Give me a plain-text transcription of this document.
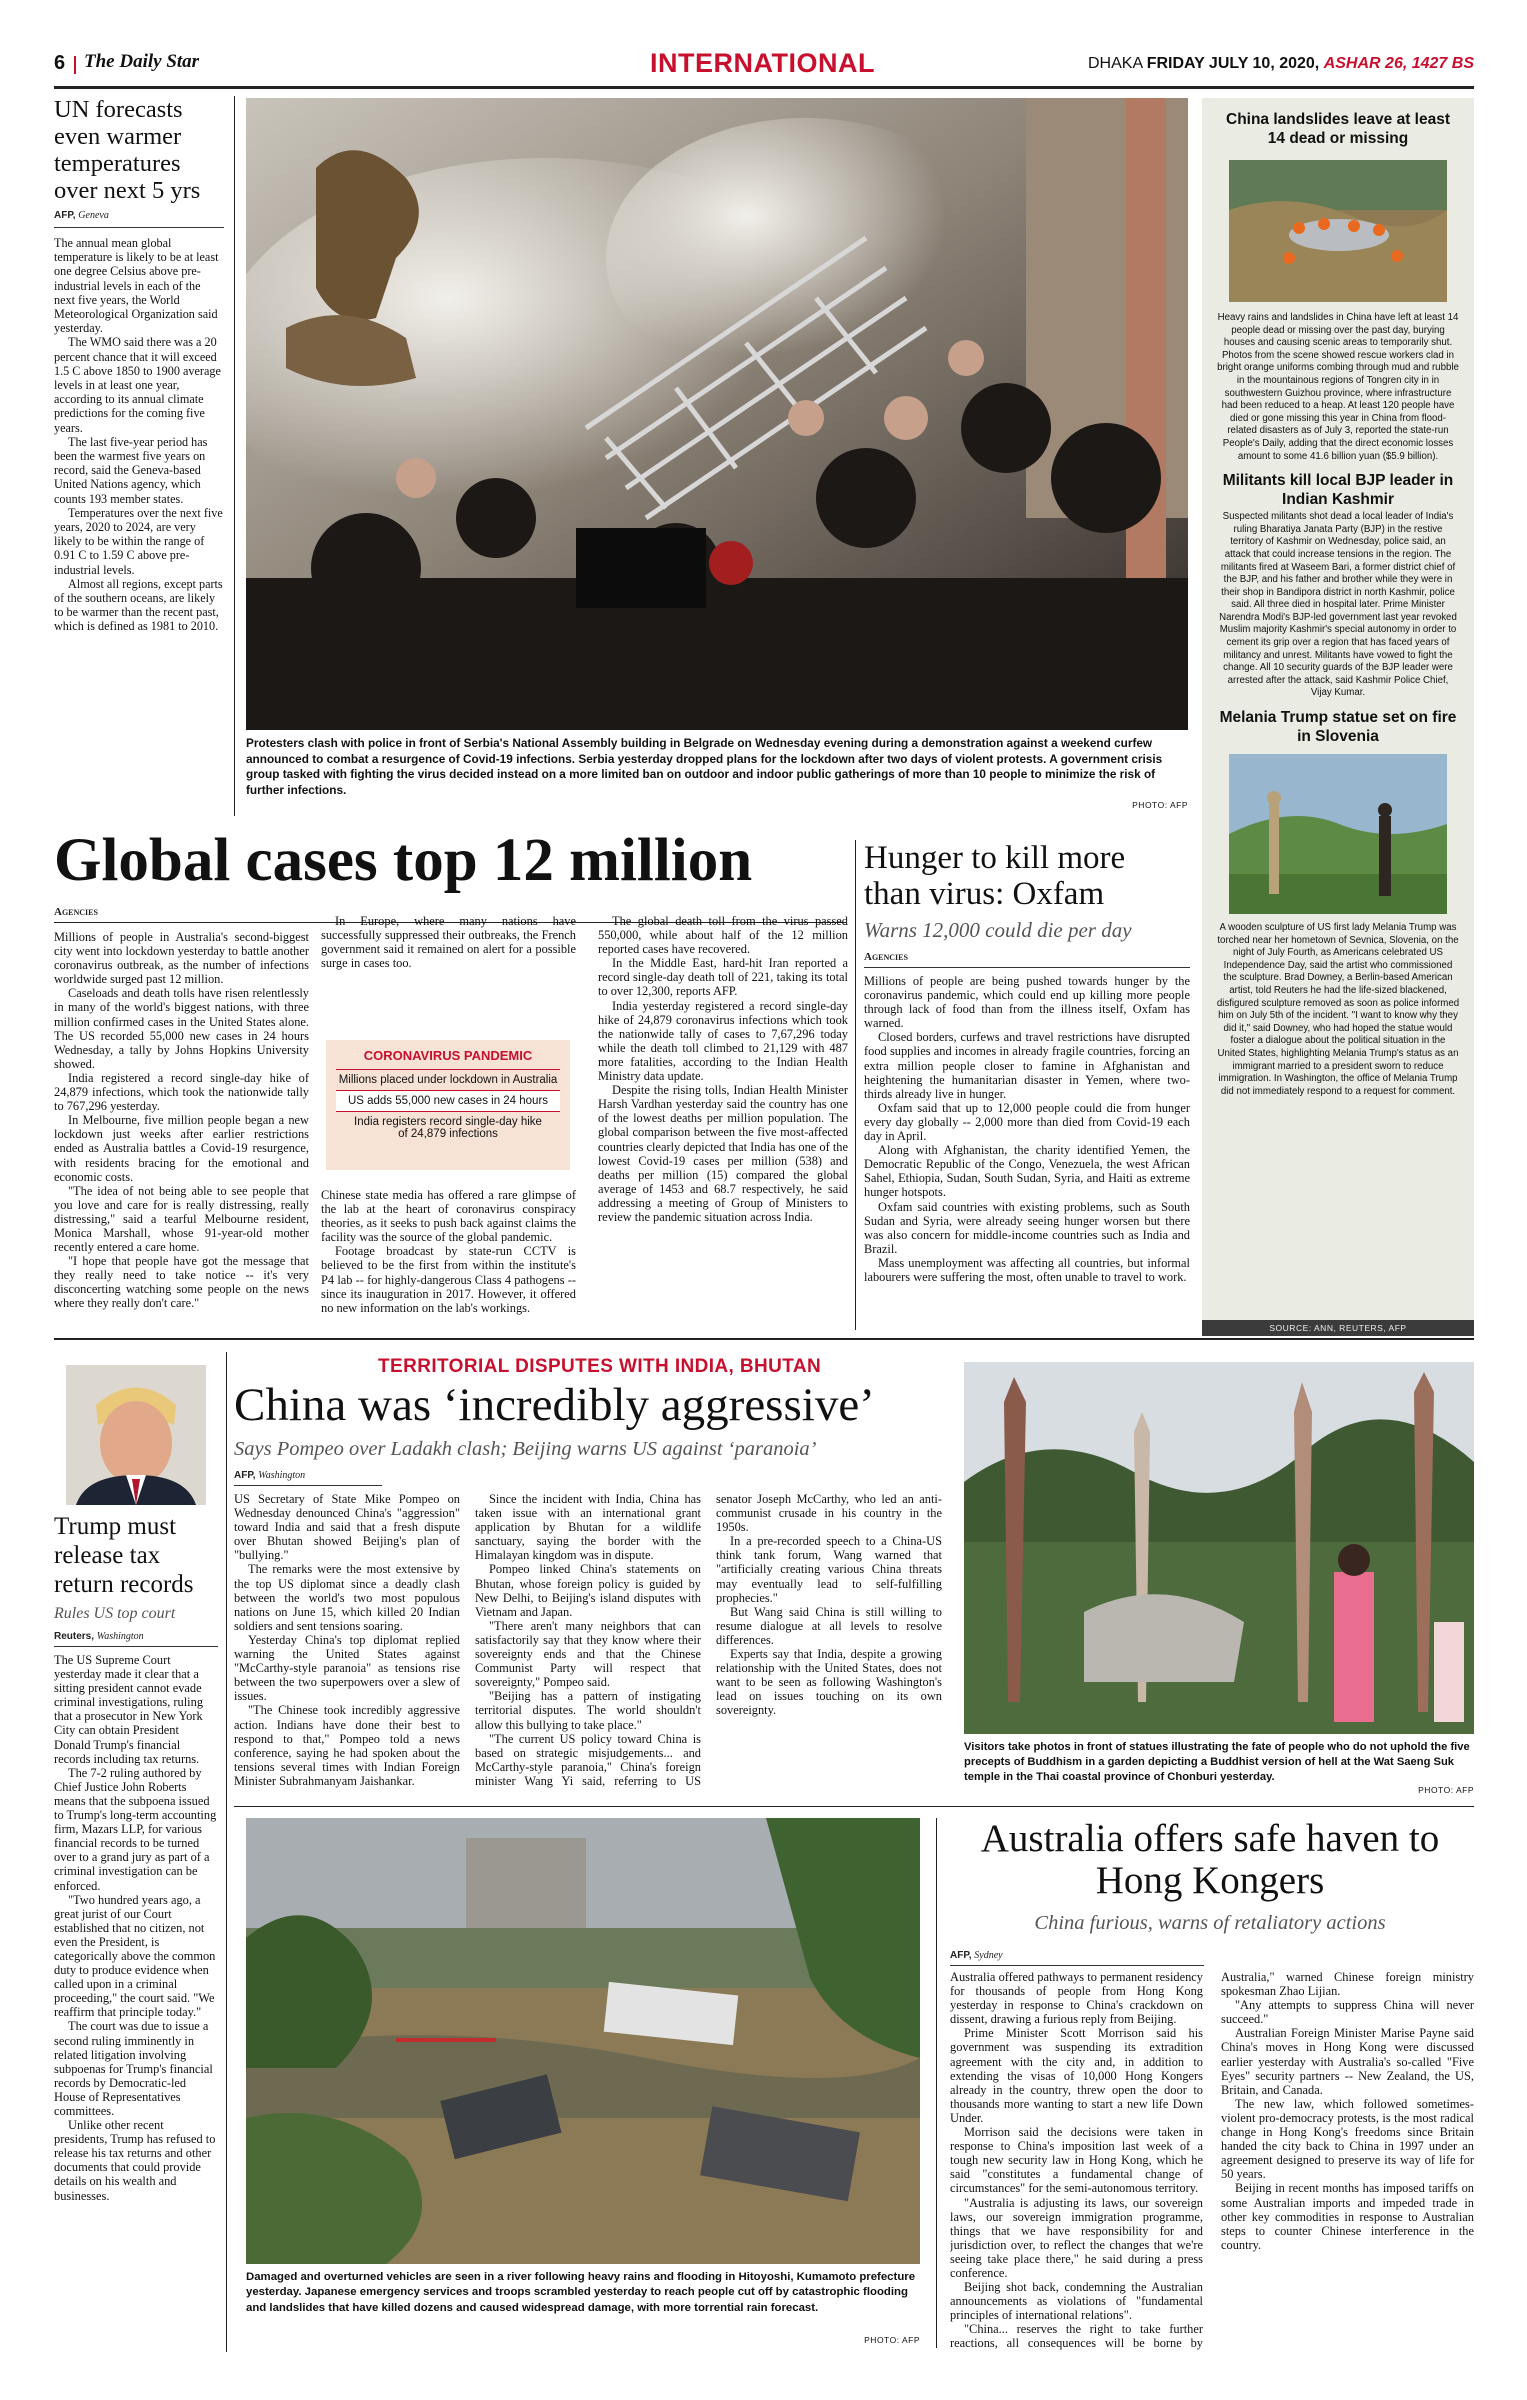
6 The Daily Star	INTERNATIONAL	DHAKA FRIDAY JULY 10, 2020, ASHAR 26, 1427 BS
UN forecasts even warmer temperatures over next 5 yrs
AFP, Geneva

The annual mean global temperature is likely to be at least one degree Celsius above pre-industrial levels in each of the next five years, the World Meteorological Organization said yesterday.

The WMO said there was a 20 percent chance that it will exceed 1.5 C above 1850 to 1900 average levels in at least one year, according to its annual climate predictions for the coming five years.

The last five-year period has been the warmest five years on record, said the Geneva-based United Nations agency, which counts 193 member states.

Temperatures over the next five years, 2020 to 2024, are very likely to be within the range of 0.91 C to 1.59 C above pre-industrial levels.

Almost all regions, except parts of the southern oceans, are likely to be warmer than the recent past, which is defined as 1981 to 2010.

Protesters clash with police in front of Serbia's National Assembly building in Belgrade on Wednesday evening during a demonstration against a weekend curfew announced to combat a resurgence of Covid-19 infections. Serbia yesterday dropped plans for the lockdown after two days of violent protests. A government crisis group tasked with fighting the virus decided instead on a more limited ban on outdoor and indoor public gatherings of more than 10 people to minimize the risk of further infections.
PHOTO: AFP
China landslides leave at least 14 dead or missing
Heavy rains and landslides in China have left at least 14 people dead or missing over the past day, burying houses and causing scenic areas to temporarily shut. Photos from the scene showed rescue workers clad in bright orange uniforms combing through mud and rubble in the mountainous regions of Tongren city in in southwestern Guizhou province, where infrastructure had been reduced to a heap. At least 120 people have died or gone missing this year in China from flood-related disasters as of July 3, reported the state-run People's Daily, adding that the direct economic losses amount to some 41.6 billion yuan ($5.9 billion).
Militants kill local BJP leader in Indian Kashmir
Suspected militants shot dead a local leader of India's ruling Bharatiya Janata Party (BJP) in the restive territory of Kashmir on Wednesday, police said, an attack that could increase tensions in the region. The militants fired at Waseem Bari, a former district chief of the BJP, and his father and brother while they were in their shop in Bandipora district in north Kashmir, police said. All three died in hospital later. Prime Minister Narendra Modi's BJP-led government last year revoked Muslim majority Kashmir's special autonomy in order to cement its grip over a region that has faced years of militancy and unrest. Militants have vowed to fight the change. All 10 security guards of the BJP leader were arrested after the attack, said Kashmir Police Chief, Vijay Kumar.
Melania Trump statue set on fire in Slovenia
A wooden sculpture of US first lady Melania Trump was torched near her hometown of Sevnica, Slovenia, on the night of July Fourth, as Americans celebrated US Independence Day, said the artist who commissioned the sculpture. Brad Downey, a Berlin-based American artist, told Reuters he had the life-sized blackened, disfigured sculpture removed as soon as police informed him on July 5th of the incident. "I want to know why they did it," said Downey, who had hoped the statue would foster a dialogue about the political situation in the United States, highlighting Melania Trump's status as an immigrant married to a president sworn to reduce immigration. In Washington, the office of Melania Trump did not immediately respond to a request for comment.
SOURCE: ANN, REUTERS, AFP
Global cases top 12 million
Agencies

Millions of people in Australia's second-biggest city went into lockdown yesterday to battle another coronavirus outbreak, as the number of infections worldwide surged past 12 million.

Caseloads and death tolls have risen relentlessly in many of the world's biggest nations, with three million confirmed cases in the United States alone. The US recorded 55,000 new cases in 24 hours Wednesday, a tally by Johns Hopkins University showed.

India registered a record single-day hike of 24,879 infections, which took the nationwide tally to 767,296 yesterday.

In Melbourne, five million people began a new lockdown just weeks after earlier restrictions ended as Australia battles a Covid-19 resurgence, with residents bracing for the emotional and economic costs.

"The idea of not being able to see people that you love and care for is really distressing, really distressing," said a tearful Melbourne resident, Monica Marshall, whose 91-year-old mother recently entered a care home.

"I hope that people have got the message that they really need to take notice -- it's very disconcerting watching some people on the news where they really don't care."

In Europe, where many nations have successfully suppressed their outbreaks, the French government said it remained on alert for a possible surge in cases too.

CORONAVIRUS PANDEMIC
Millions placed under lockdown in Australia
US adds 55,000 new cases in 24 hours
India registers record single-day hike of 24,879 infections

Chinese state media has offered a rare glimpse of the lab at the heart of coronavirus conspiracy theories, as it seeks to push back against claims the facility was the source of the global pandemic.

Footage broadcast by state-run CCTV is believed to be the first from within the institute's P4 lab -- for highly-dangerous Class 4 pathogens -- since its inauguration in 2017. However, it offered no new information on the lab's workings.

The global death toll from the virus passed 550,000, while about half of the 12 million reported cases have recovered.

In the Middle East, hard-hit Iran reported a record single-day death toll of 221, taking its total to over 12,300, reports AFP.

India yesterday registered a record single-day hike of 24,879 coronavirus infections which took the nationwide tally of cases to 7,67,296 today while the death toll climbed to 21,129 with 487 more fatalities, according to the Indian Health Ministry data update.

Despite the rising tolls, Indian Health Minister Harsh Vardhan yesterday said the country has one of the lowest deaths per million population. The global comparison between the five most-affected countries clearly depicted that India has one of the lowest Covid-19 cases per million (538) and deaths per million (15) compared the global average of 1453 and 68.7 respectively, he said addressing a meeting of Group of Ministers to review the pandemic situation across India.

Hunger to kill more than virus: Oxfam
Warns 12,000 could die per day
Agencies

Millions of people are being pushed towards hunger by the coronavirus pandemic, which could end up killing more people through lack of food than from the illness itself, Oxfam has warned.

Closed borders, curfews and travel restrictions have disrupted food supplies and incomes in already fragile countries, forcing an extra million people closer to famine in Afghanistan and heightening the humanitarian disaster in Yemen, where two-thirds already live in hunger.

Oxfam said that up to 12,000 people could die from hunger every day globally -- 2,000 more than died from Covid-19 each day in April.

Along with Afghanistan, the charity identified Yemen, the Democratic Republic of the Congo, Venezuela, the west African Sahel, Ethiopia, Sudan, South Sudan, Syria, and Haiti as extreme hunger hotspots.

Oxfam said countries with existing problems, such as South Sudan and Syria, were already seeing hunger worsen but there was also concern for middle-income countries such as India and Brazil.

Mass unemployment was affecting all countries, but informal labourers were suffering the most, often unable to travel to work.

Trump must release tax return records
Rules US top court
Reuters, Washington

The US Supreme Court yesterday made it clear that a sitting president cannot evade criminal investigations, ruling that a prosecutor in New York City can obtain President Donald Trump's financial records including tax returns.

The 7-2 ruling authored by Chief Justice John Roberts means that the subpoena issued to Trump's long-term accounting firm, Mazars LLP, for various financial records to be turned over to a grand jury as part of a criminal investigation can be enforced.

"Two hundred years ago, a great jurist of our Court established that no citizen, not even the President, is categorically above the common duty to produce evidence when called upon in a criminal proceeding," the court said. "We reaffirm that principle today."

The court was due to issue a second ruling imminently in related litigation involving subpoenas for Trump's financial records by Democratic-led House of Representatives committees.

Unlike other recent presidents, Trump has refused to release his tax returns and other documents that could provide details on his wealth and businesses.

TERRITORIAL DISPUTES WITH INDIA, BHUTAN
China was ‘incredibly aggressive’
Says Pompeo over Ladakh clash; Beijing warns US against ‘paranoia’
AFP, Washington

US Secretary of State Mike Pompeo on Wednesday denounced China's "aggression" toward India and said that a fresh dispute over Bhutan showed Beijing's plan of "bullying."

The remarks were the most extensive by the top US diplomat since a deadly clash between the world's two most populous nations on June 15, which killed 20 Indian soldiers and sent tensions soaring.

Yesterday China's top diplomat replied warning the United States against "McCarthy-style paranoia" as tensions rise between the two superpowers over a slew of issues.

"The Chinese took incredibly aggressive action. Indians have done their best to respond to that," Pompeo told a news conference, saying he had spoken about the tensions several times with Indian Foreign Minister Subrahmanyam Jaishankar.

Since the incident with India, China has taken issue with an international grant application by Bhutan for a wildlife sanctuary, saying the border with the Himalayan kingdom was in dispute.

Pompeo linked China's statements on Bhutan, whose foreign policy is guided by New Delhi, to Beijing's island disputes with Vietnam and Japan.

"There aren't many neighbors that can satisfactorily say that they know where their sovereignty ends and that the Chinese Communist Party will respect that sovereignty," Pompeo said.

"Beijing has a pattern of instigating territorial disputes. The world shouldn't allow this bullying to take place."

"The current US policy toward China is based on strategic misjudgements... and McCarthy-style paranoia," China's foreign minister Wang Yi said, referring to US senator Joseph McCarthy, who led an anti-communist crusade in his country in the 1950s.

In a pre-recorded speech to a China-US think tank forum, Wang warned that "artificially creating various China threats may eventually lead to self-fulfilling prophecies."

But Wang said China is still willing to resume dialogue at all levels to resolve differences.

Experts say that India, despite a growing relationship with the United States, does not want to be seen as following Washington's lead on issues touching on its own sovereignty.

Visitors take photos in front of statues illustrating the fate of people who do not uphold the five precepts of Buddhism in a garden depicting a Buddhist version of hell at the Wat Saeng Suk temple in the Thai coastal province of Chonburi yesterday.
PHOTO: AFP
Damaged and overturned vehicles are seen in a river following heavy rains and flooding in Hitoyoshi, Kumamoto prefecture yesterday. Japanese emergency services and troops scrambled yesterday to reach people cut off by catastrophic flooding and landslides that have killed dozens and caused widespread damage, with more torrential rain forecast.
PHOTO: AFP
Australia offers safe haven to Hong Kongers
China furious, warns of retaliatory actions
AFP, Sydney

Australia offered pathways to permanent residency for thousands of people from Hong Kong yesterday in response to China's crackdown on dissent, drawing a furious reply from Beijing.

Prime Minister Scott Morrison said his government was suspending its extradition agreement with the city and, in addition to extending the visas of 10,000 Hong Kongers already in the country, threw open the door to thousands more wanting to start a new life Down Under.

Morrison said the decisions were taken in response to China's imposition last week of a tough new security law in Hong Kong, which he said "constitutes a fundamental change of circumstances" for the semi-autonomous territory.

"Australia is adjusting its laws, our sovereign laws, our sovereign immigration programme, things that we have responsibility for and jurisdiction over, to reflect the changes that we're seeing take place there," he said during a press conference.

Beijing shot back, condemning the Australian announcements as violations of "fundamental principles of international relations".

"China... reserves the right to take further reactions, all consequences will be borne by Australia," warned Chinese foreign ministry spokesman Zhao Lijian.

"Any attempts to suppress China will never succeed."

Australian Foreign Minister Marise Payne said China's moves in Hong Kong were discussed earlier yesterday with Australia's so-called "Five Eyes" security partners -- New Zealand, the US, Britain, and Canada.

The new law, which followed sometimes-violent pro-democracy protests, is the most radical change in Hong Kong's freedoms since Britain handed the city back to China in 1997 under an agreement designed to preserve its way of life for 50 years.

Beijing in recent months has imposed tariffs on some Australian imports and impeded trade in other key commodities in response to Australian steps to counter Chinese interference in the country.
